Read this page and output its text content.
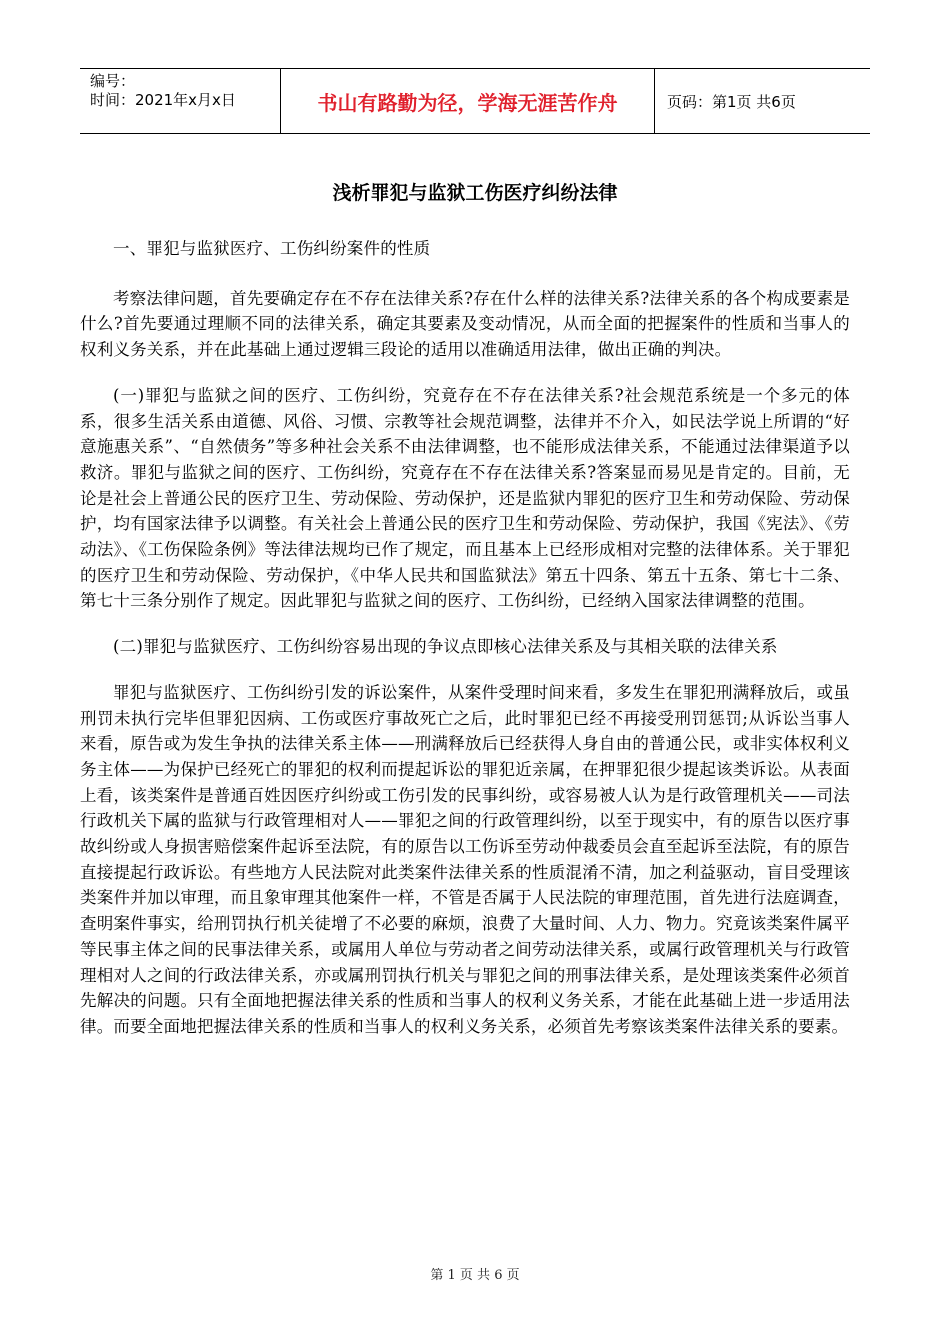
编号：
时间：2021年x月x日	书山有路勤为径，学海无涯苦作舟	页码：第1页 共6页
浅析罪犯与监狱工伤医疗纠纷法律

一、罪犯与监狱医疗、工伤纠纷案件的性质

考察法律问题，首先要确定存在不存在法律关系?存在什么样的法律关系?法律关系的各个构成要素是什么?首先要通过理顺不同的法律关系，确定其要素及变动情况，从而全面的把握案件的性质和当事人的权利义务关系，并在此基础上通过逻辑三段论的适用以准确适用法律，做出正确的判决。

(一)罪犯与监狱之间的医疗、工伤纠纷，究竟存在不存在法律关系?社会规范系统是一个多元的体系，很多生活关系由道德、风俗、习惯、宗教等社会规范调整，法律并不介入，如民法学说上所谓的“好意施惠关系”、“自然债务”等多种社会关系不由法律调整，也不能形成法律关系，不能通过法律渠道予以救济。罪犯与监狱之间的医疗、工伤纠纷，究竟存在不存在法律关系?答案显而易见是肯定的。目前，无论是社会上普通公民的医疗卫生、劳动保险、劳动保护，还是监狱内罪犯的医疗卫生和劳动保险、劳动保护，均有国家法律予以调整。有关社会上普通公民的医疗卫生和劳动保险、劳动保护，我国《宪法》、《劳动法》、《工伤保险条例》等法律法规均已作了规定，而且基本上已经形成相对完整的法律体系。关于罪犯的医疗卫生和劳动保险、劳动保护，《中华人民共和国监狱法》第五十四条、第五十五条、第七十二条、第七十三条分别作了规定。因此罪犯与监狱之间的医疗、工伤纠纷，已经纳入国家法律调整的范围。

(二)罪犯与监狱医疗、工伤纠纷容易出现的争议点即核心法律关系及与其相关联的法律关系

罪犯与监狱医疗、工伤纠纷引发的诉讼案件，从案件受理时间来看，多发生在罪犯刑满释放后，或虽刑罚未执行完毕但罪犯因病、工伤或医疗事故死亡之后，此时罪犯已经不再接受刑罚惩罚;从诉讼当事人来看，原告或为发生争执的法律关系主体——刑满释放后已经获得人身自由的普通公民，或非实体权利义务主体——为保护已经死亡的罪犯的权利而提起诉讼的罪犯近亲属，在押罪犯很少提起该类诉讼。从表面上看，该类案件是普通百姓因医疗纠纷或工伤引发的民事纠纷，或容易被人认为是行政管理机关——司法行政机关下属的监狱与行政管理相对人——罪犯之间的行政管理纠纷，以至于现实中，有的原告以医疗事故纠纷或人身损害赔偿案件起诉至法院，有的原告以工伤诉至劳动仲裁委员会直至起诉至法院，有的原告直接提起行政诉讼。有些地方人民法院对此类案件法律关系的性质混淆不清，加之利益驱动，盲目受理该类案件并加以审理，而且象审理其他案件一样，不管是否属于人民法院的审理范围，首先进行法庭调查，查明案件事实，给刑罚执行机关徒增了不必要的麻烦，浪费了大量时间、人力、物力。究竟该类案件属平等民事主体之间的民事法律关系，或属用人单位与劳动者之间劳动法律关系，或属行政管理机关与行政管理相对人之间的行政法律关系，亦或属刑罚执行机关与罪犯之间的刑事法律关系，是处理该类案件必须首先解决的问题。只有全面地把握法律关系的性质和当事人的权利义务关系，才能在此基础上进一步适用法律。而要全面地把握法律关系的性质和当事人的权利义务关系，必须首先考察该类案件法律关系的要素。

第 1 页 共 6 页
